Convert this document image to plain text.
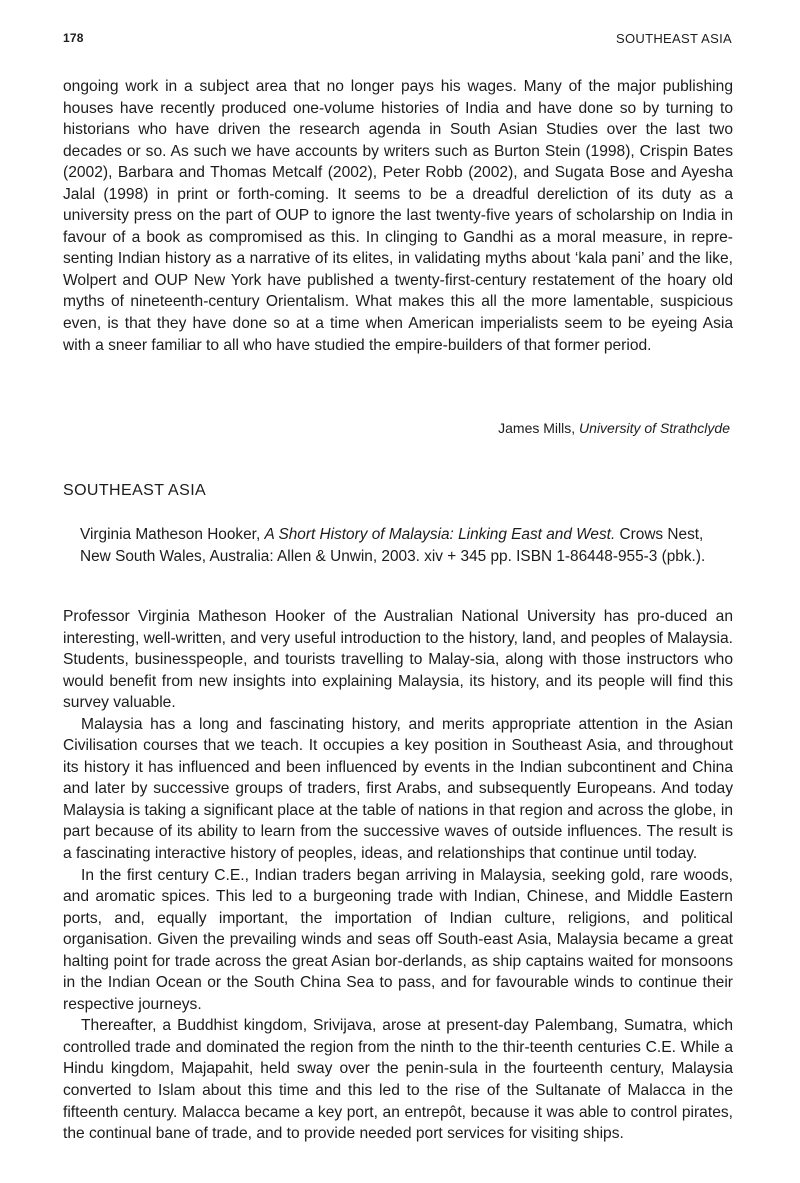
178	SOUTHEAST ASIA

ongoing work in a subject area that no longer pays his wages. Many of the major publishing houses have recently produced one-volume histories of India and have done so by turning to historians who have driven the research agenda in South Asian Studies over the last two decades or so. As such we have accounts by writers such as Burton Stein (1998), Crispin Bates (2002), Barbara and Thomas Metcalf (2002), Peter Robb (2002), and Sugata Bose and Ayesha Jalal (1998) in print or forth-coming. It seems to be a dreadful dereliction of its duty as a university press on the part of OUP to ignore the last twenty-five years of scholarship on India in favour of a book as compromised as this. In clinging to Gandhi as a moral measure, in repre-senting Indian history as a narrative of its elites, in validating myths about ‘kala pani’ and the like, Wolpert and OUP New York have published a twenty-first-century restatement of the hoary old myths of nineteenth-century Orientalism. What makes this all the more lamentable, suspicious even, is that they have done so at a time when American imperialists seem to be eyeing Asia with a sneer familiar to all who have studied the empire-builders of that former period.

James Mills, University of Strathclyde
SOUTHEAST ASIA

Virginia Matheson Hooker, A Short History of Malaysia: Linking East and West. Crows Nest, New South Wales, Australia: Allen & Unwin, 2003. xiv + 345 pp. ISBN 1-86448-955-3 (pbk.).

Professor Virginia Matheson Hooker of the Australian National University has pro-duced an interesting, well-written, and very useful introduction to the history, land, and peoples of Malaysia. Students, businesspeople, and tourists travelling to Malay-sia, along with those instructors who would benefit from new insights into explaining Malaysia, its history, and its people will find this survey valuable.

Malaysia has a long and fascinating history, and merits appropriate attention in the Asian Civilisation courses that we teach. It occupies a key position in Southeast Asia, and throughout its history it has influenced and been influenced by events in the Indian subcontinent and China and later by successive groups of traders, first Arabs, and subsequently Europeans. And today Malaysia is taking a significant place at the table of nations in that region and across the globe, in part because of its ability to learn from the successive waves of outside influences. The result is a fascinating interactive history of peoples, ideas, and relationships that continue until today.

In the first century C.E., Indian traders began arriving in Malaysia, seeking gold, rare woods, and aromatic spices. This led to a burgeoning trade with Indian, Chinese, and Middle Eastern ports, and, equally important, the importation of Indian culture, religions, and political organisation. Given the prevailing winds and seas off South-east Asia, Malaysia became a great halting point for trade across the great Asian bor-derlands, as ship captains waited for monsoons in the Indian Ocean or the South China Sea to pass, and for favourable winds to continue their respective journeys.

Thereafter, a Buddhist kingdom, Srivijava, arose at present-day Palembang, Sumatra, which controlled trade and dominated the region from the ninth to the thir-teenth centuries C.E. While a Hindu kingdom, Majapahit, held sway over the penin-sula in the fourteenth century, Malaysia converted to Islam about this time and this led to the rise of the Sultanate of Malacca in the fifteenth century. Malacca became a key port, an entrepôt, because it was able to control pirates, the continual bane of trade, and to provide needed port services for visiting ships.
